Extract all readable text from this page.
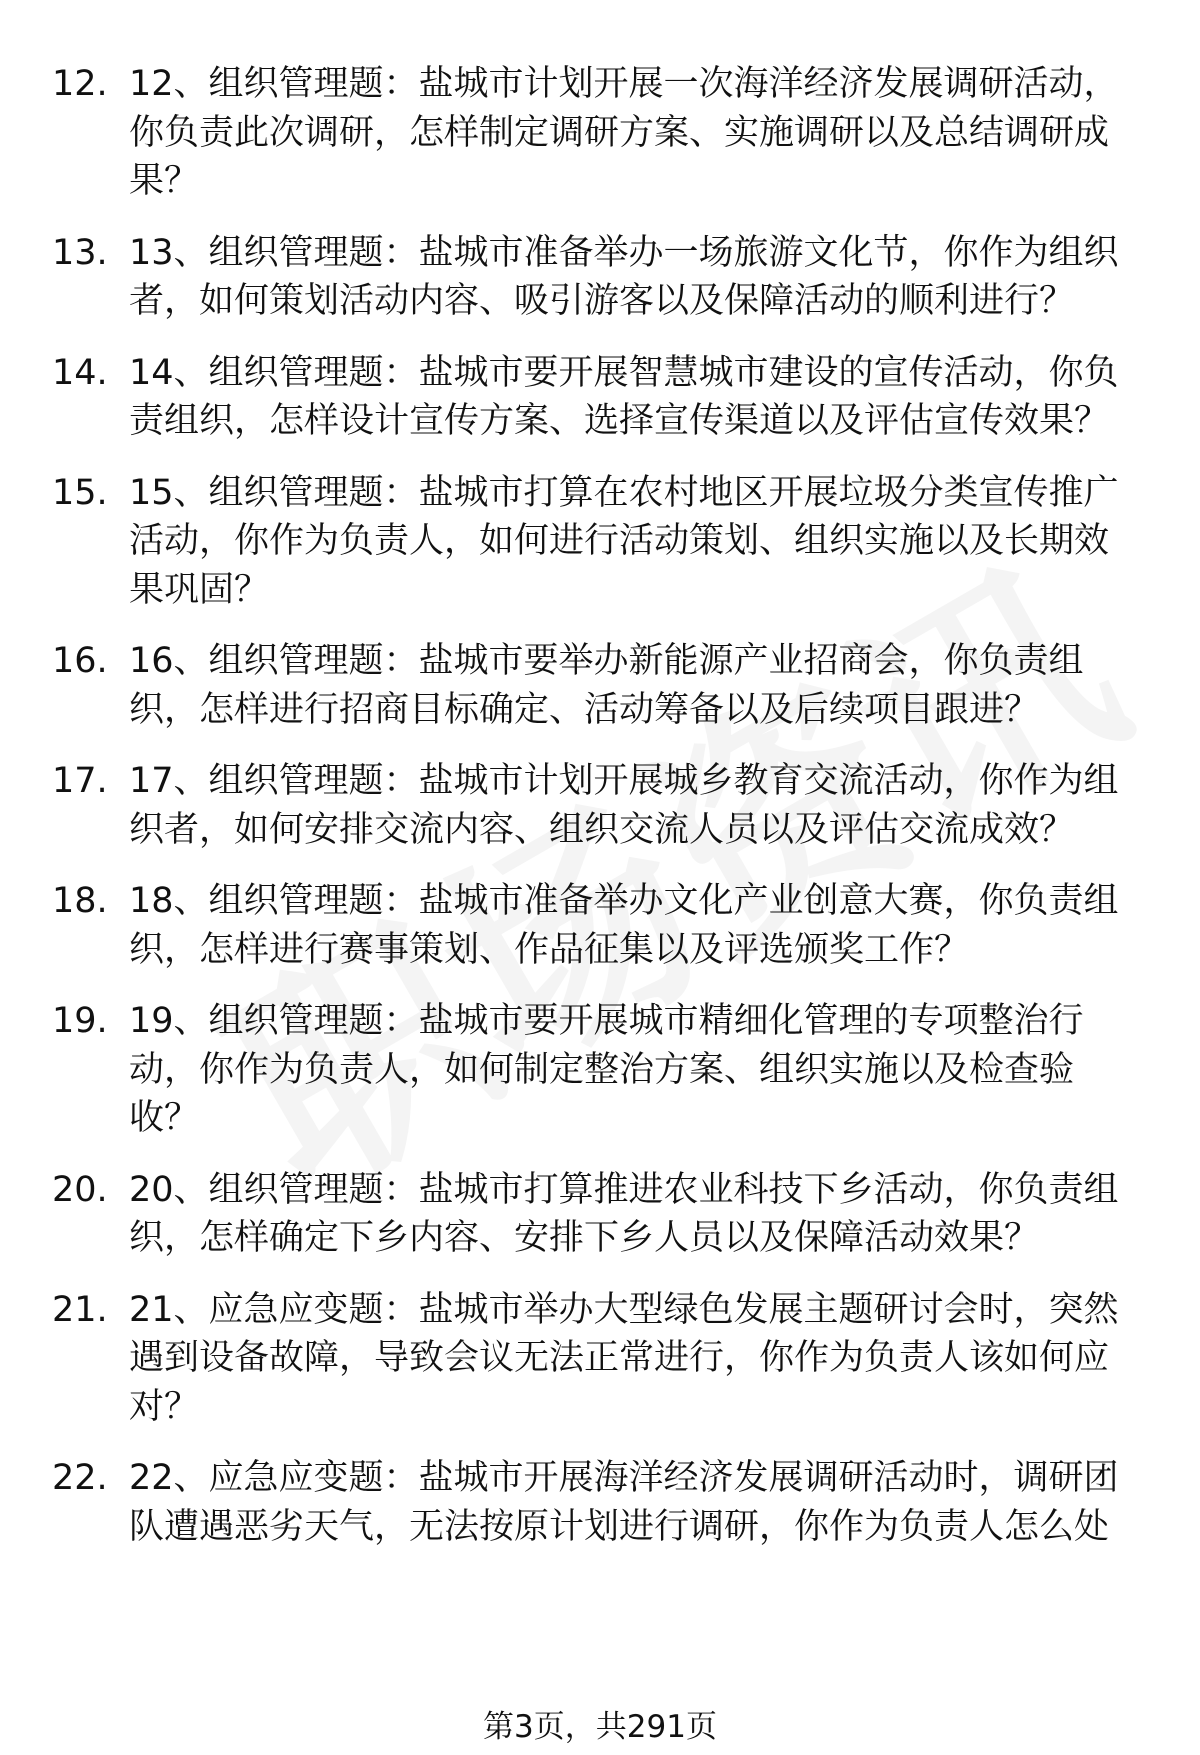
12. 12、组织管理题：盐城市计划开展一次海洋经济发展调研活动，你负责此次调研，怎样制定调研方案、实施调研以及总结调研成果？
13. 13、组织管理题：盐城市准备举办一场旅游文化节，你作为组织者，如何策划活动内容、吸引游客以及保障活动的顺利进行？
14. 14、组织管理题：盐城市要开展智慧城市建设的宣传活动，你负责组织，怎样设计宣传方案、选择宣传渠道以及评估宣传效果？
15. 15、组织管理题：盐城市打算在农村地区开展垃圾分类宣传推广活动，你作为负责人，如何进行活动策划、组织实施以及长期效果巩固？
16. 16、组织管理题：盐城市要举办新能源产业招商会，你负责组织，怎样进行招商目标确定、活动筹备以及后续项目跟进？
17. 17、组织管理题：盐城市计划开展城乡教育交流活动，你作为组织者，如何安排交流内容、组织交流人员以及评估交流成效？
18. 18、组织管理题：盐城市准备举办文化产业创意大赛，你负责组织，怎样进行赛事策划、作品征集以及评选颁奖工作？
19. 19、组织管理题：盐城市要开展城市精细化管理的专项整治行动，你作为负责人，如何制定整治方案、组织实施以及检查验收？
20. 20、组织管理题：盐城市打算推进农业科技下乡活动，你负责组织，怎样确定下乡内容、安排下乡人员以及保障活动效果？
21. 21、应急应变题：盐城市举办大型绿色发展主题研讨会时，突然遇到设备故障，导致会议无法正常进行，你作为负责人该如何应对？
22. 22、应急应变题：盐城市开展海洋经济发展调研活动时，调研团队遭遇恶劣天气，无法按原计划进行调研，你作为负责人怎么处
第3页，共291页
